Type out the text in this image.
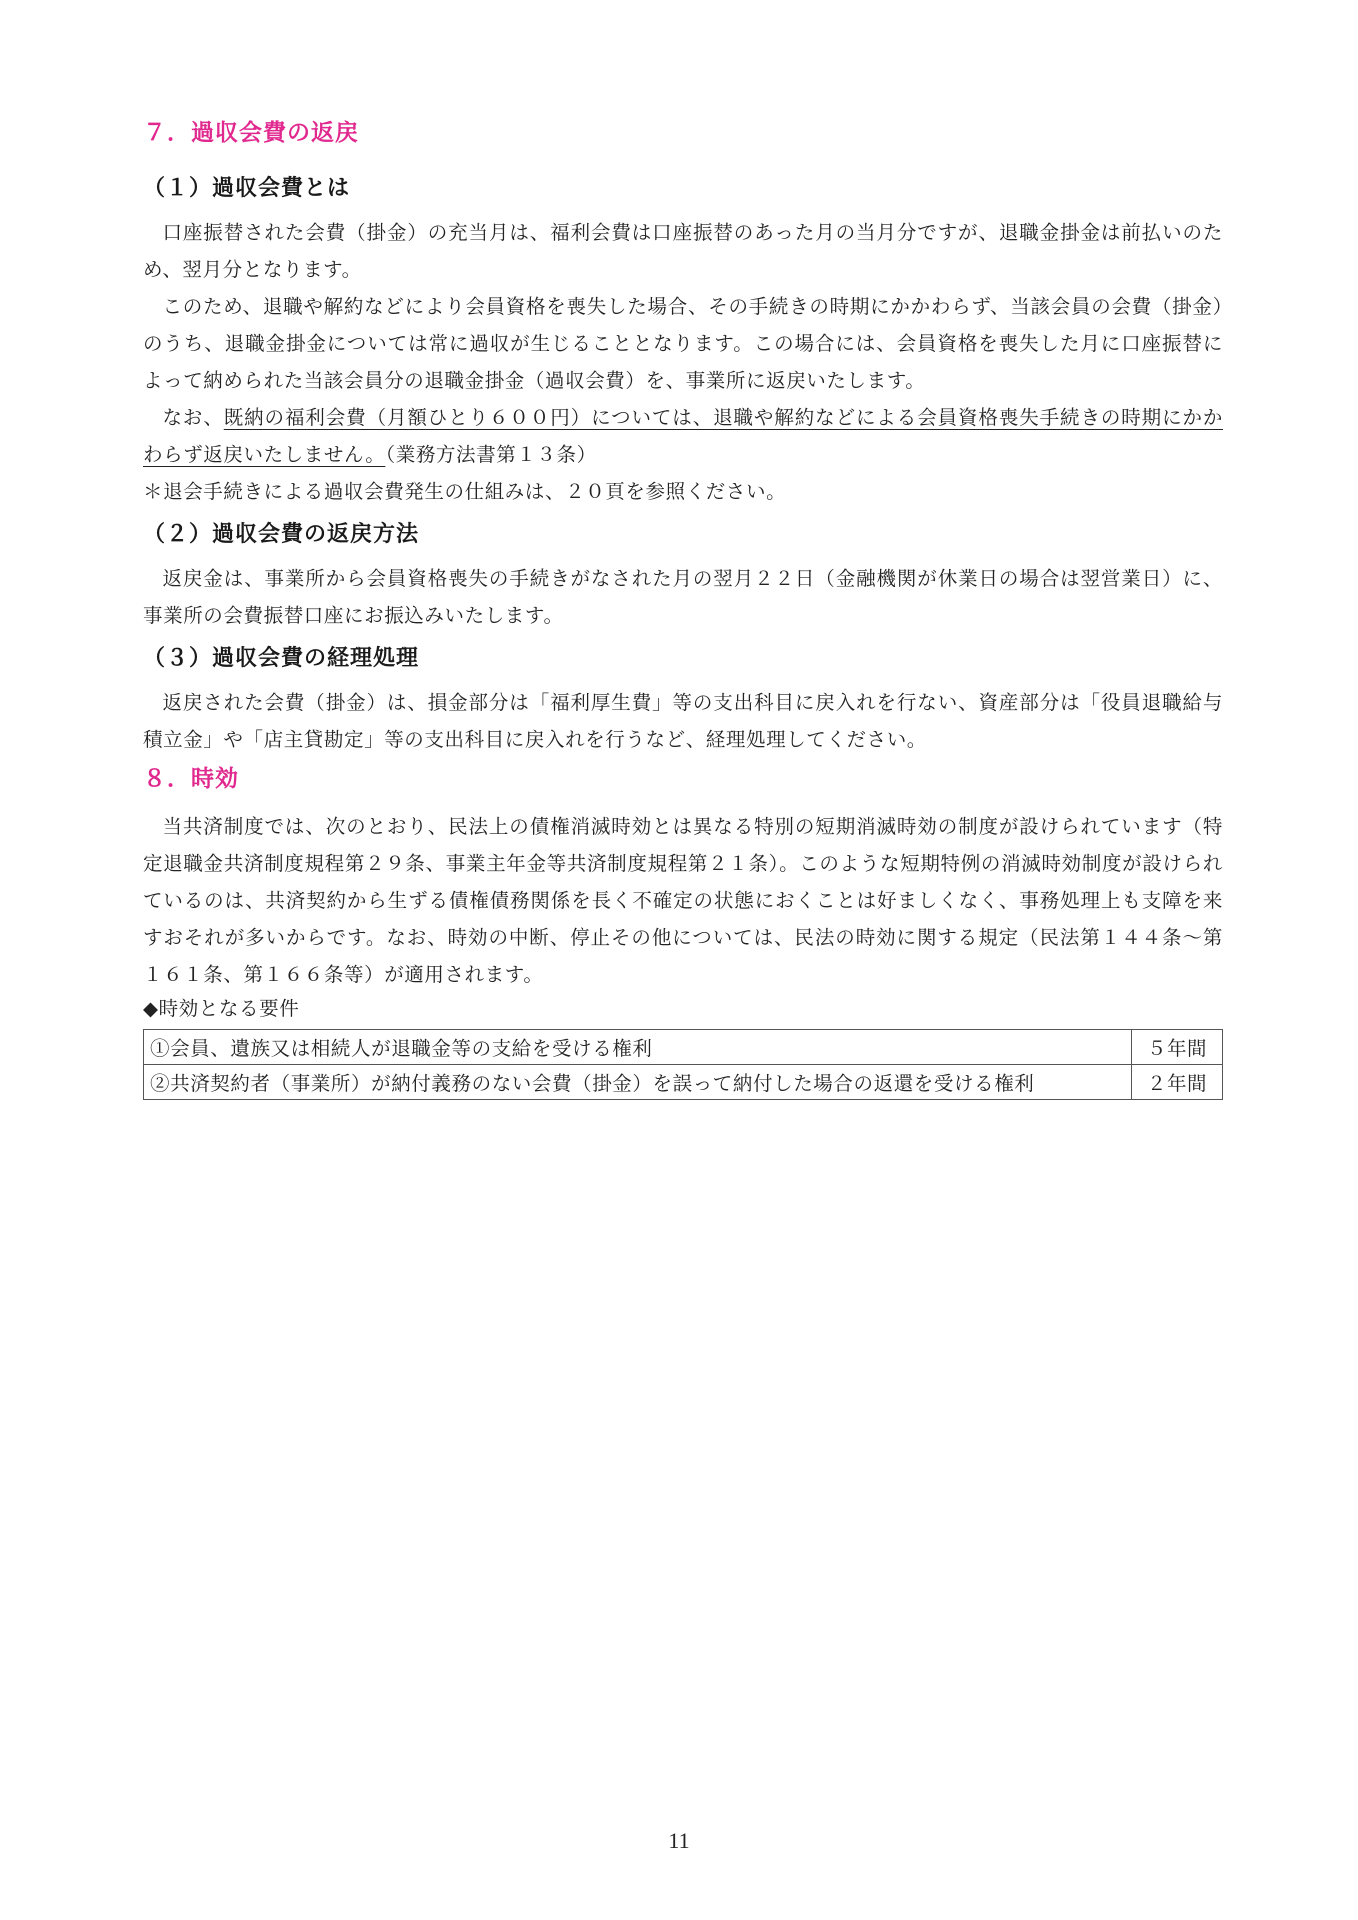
７．過収会費の返戻
（１）過収会費とは

口座振替された会費（掛金）の充当月は、福利会費は口座振替のあった月の当月分ですが、退職金掛金は前払いのため、翌月分となります。

このため、退職や解約などにより会員資格を喪失した場合、その手続きの時期にかかわらず、当該会員の会費（掛金）のうち、退職金掛金については常に過収が生じることとなります。この場合には、会員資格を喪失した月に口座振替によって納められた当該会員分の退職金掛金（過収会費）を、事業所に返戻いたします。

なお、既納の福利会費（月額ひとり６００円）については、退職や解約などによる会員資格喪失手続きの時期にかかわらず返戻いたしません。（業務方法書第１３条）

＊退会手続きによる過収会費発生の仕組みは、２０頁を参照ください。

（２）過収会費の返戻方法

返戻金は、事業所から会員資格喪失の手続きがなされた月の翌月２２日（金融機関が休業日の場合は翌営業日）に、事業所の会費振替口座にお振込みいたします。

（３）過収会費の経理処理

返戻された会費（掛金）は、損金部分は「福利厚生費」等の支出科目に戻入れを行ない、資産部分は「役員退職給与積立金」や「店主貸勘定」等の支出科目に戻入れを行うなど、経理処理してください。

８．時効

当共済制度では、次のとおり、民法上の債権消滅時効とは異なる特別の短期消滅時効の制度が設けられています（特定退職金共済制度規程第２９条、事業主年金等共済制度規程第２１条）。このような短期特例の消滅時効制度が設けられているのは、共済契約から生ずる債権債務関係を長く不確定の状態におくことは好ましくなく、事務処理上も支障を来すおそれが多いからです。なお、時効の中断、停止その他については、民法の時効に関する規定（民法第１４４条～第１６１条、第１６６条等）が適用されます。

◆時効となる要件

①会員、遺族又は相続人が退職金等の支給を受ける権利	５年間
②共済契約者（事業所）が納付義務のない会費（掛金）を誤って納付した場合の返還を受ける権利	２年間
11
